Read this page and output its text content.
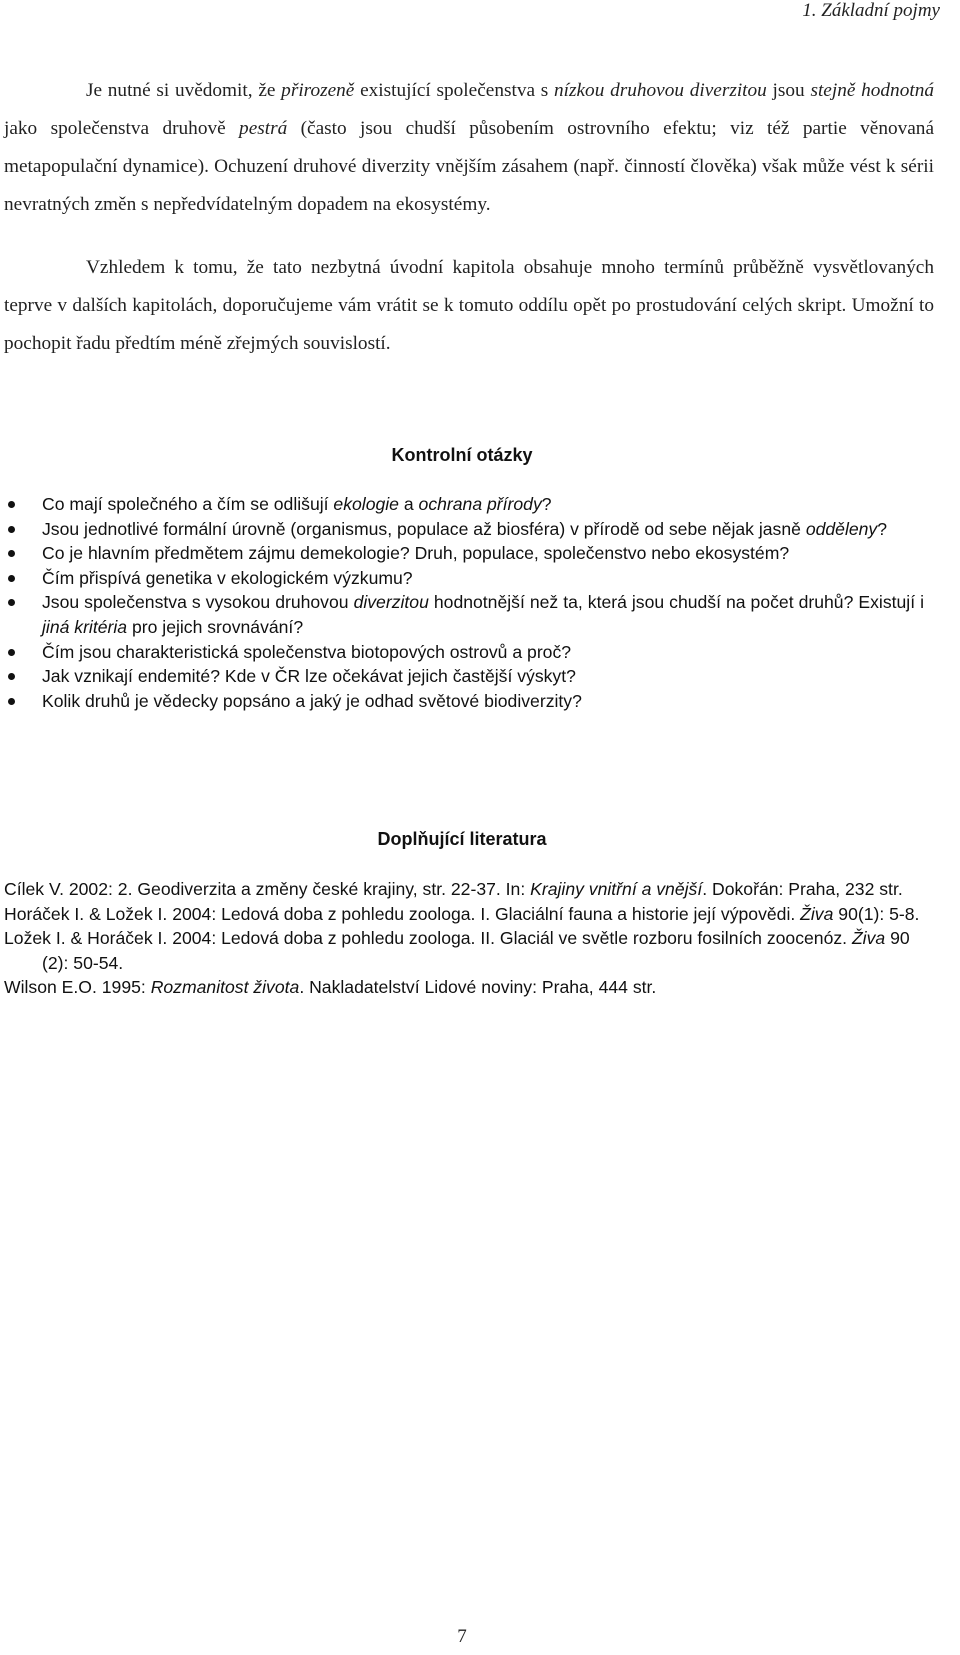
1. Základní pojmy
Je nutné si uvědomit, že přirozeně existující společenstva s nízkou druhovou diverzitou jsou stejně hodnotná jako společenstva druhově pestrá (často jsou chudší působením ostrovního efektu; viz též partie věnovaná metapopulační dynamice). Ochuzení druhové diverzity vnějším zásahem (např. činností člověka) však může vést k sérii nevratných změn s nepředvídatelným dopadem na ekosystémy.
Vzhledem k tomu, že tato nezbytná úvodní kapitola obsahuje mnoho termínů průběžně vysvětlovaných teprve v dalších kapitolách, doporučujeme vám vrátit se k tomuto oddílu opět po prostudování celých skript. Umožní to pochopit řadu předtím méně zřejmých souvislostí.
Kontrolní otázky
Co mají společného a čím se odlišují ekologie a ochrana přírody?
Jsou jednotlivé formální úrovně (organismus, populace až biosféra) v přírodě od sebe nějak jasně odděleny?
Co je hlavním předmětem zájmu demekologie? Druh, populace, společenstvo nebo ekosystém?
Čím přispívá genetika v ekologickém výzkumu?
Jsou společenstva s vysokou druhovou diverzitou hodnotnější než ta, která jsou chudší na počet druhů? Existují i jiná kritéria pro jejich srovnávání?
Čím jsou charakteristická společenstva biotopových ostrovů a proč?
Jak vznikají endemité? Kde v ČR lze očekávat jejich častější výskyt?
Kolik druhů je vědecky popsáno a jaký je odhad světové biodiverzity?
Doplňující literatura
Cílek V. 2002: 2. Geodiverzita a změny české krajiny, str. 22-37. In: Krajiny vnitřní a vnější. Dokořán: Praha, 232 str.
Horáček I. & Ložek I. 2004: Ledová doba z pohledu zoologa. I. Glaciální fauna a historie její výpovědi. Živa 90(1): 5-8.
Ložek I. & Horáček I. 2004: Ledová doba z pohledu zoologa. II. Glaciál ve světle rozboru fosilních zoocenóz. Živa 90 (2): 50-54.
Wilson E.O. 1995: Rozmanitost života. Nakladatelství Lidové noviny: Praha, 444 str.
7
